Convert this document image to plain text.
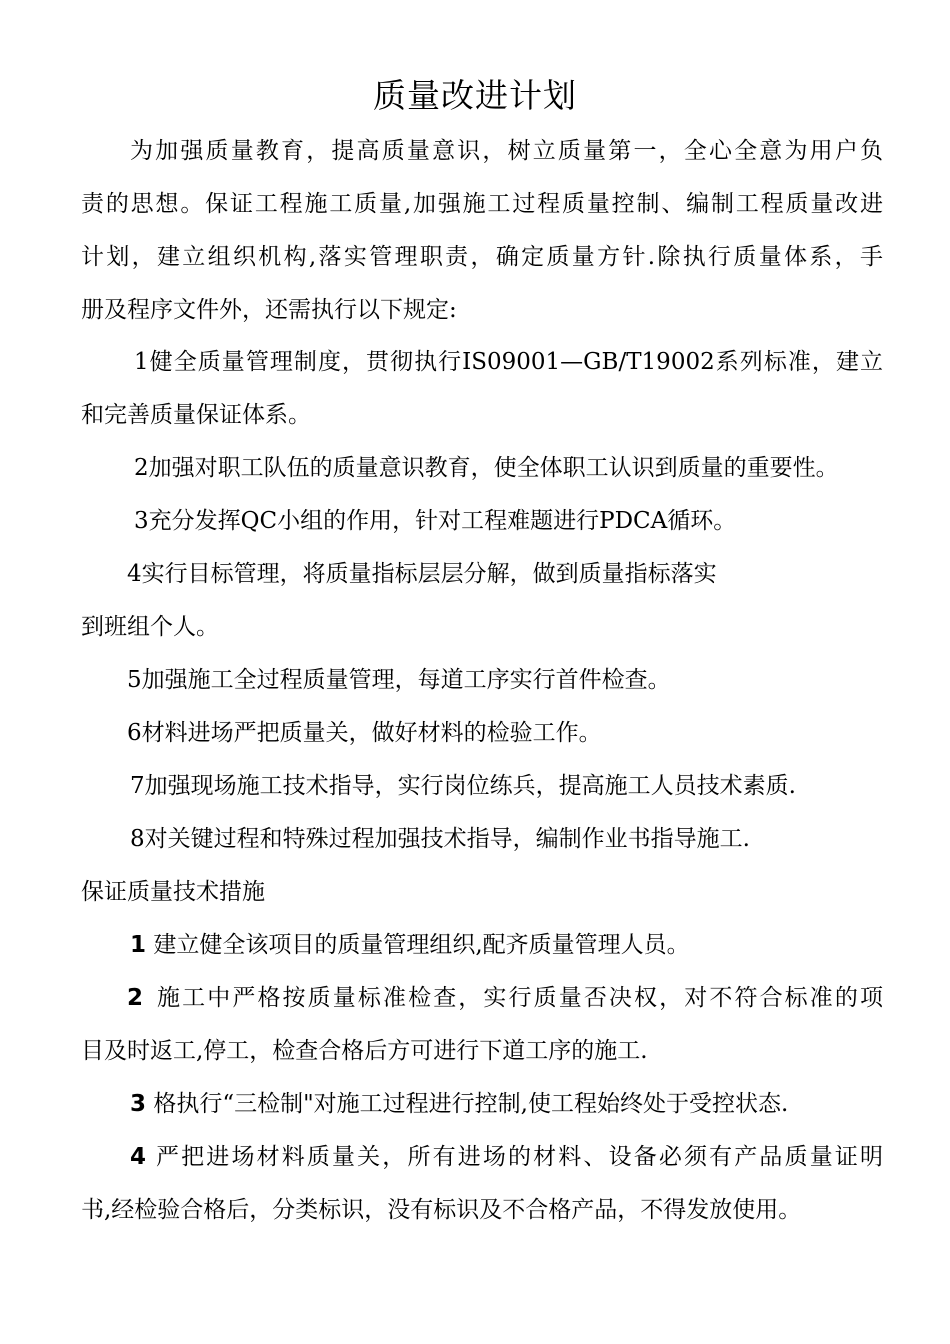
质量改进计划
为加强质量教育，提高质量意识，树立质量第一，全心全意为用户负
责的思想。保证工程施工质量,加强施工过程质量控制、编制工程质量改进
计划，建立组织机构,落实管理职责，确定质量方针.除执行质量体系，手
册及程序文件外，还需执行以下规定:
1健全质量管理制度，贯彻执行IS09001—GB/T19002系列标准，建立
和完善质量保证体系。
2加强对职工队伍的质量意识教育，使全体职工认识到质量的重要性。
3充分发挥QC小组的作用，针对工程难题进行PDCA循环。
4实行目标管理，将质量指标层层分解，做到质量指标落实
到班组个人。
5加强施工全过程质量管理，每道工序实行首件检查。
6材料进场严把质量关，做好材料的检验工作。
7加强现场施工技术指导，实行岗位练兵，提高施工人员技术素质.
8对关键过程和特殊过程加强技术指导，编制作业书指导施工.
保证质量技术措施
1 建立健全该项目的质量管理组织,配齐质量管理人员。
2 施工中严格按质量标准检查，实行质量否决权，对不符合标准的项
目及时返工,停工，检查合格后方可进行下道工序的施工.
3 格执行“三检制"对施工过程进行控制,使工程始终处于受控状态.
4 严把进场材料质量关，所有进场的材料、设备必须有产品质量证明
书,经检验合格后，分类标识，没有标识及不合格产品，不得发放使用。
